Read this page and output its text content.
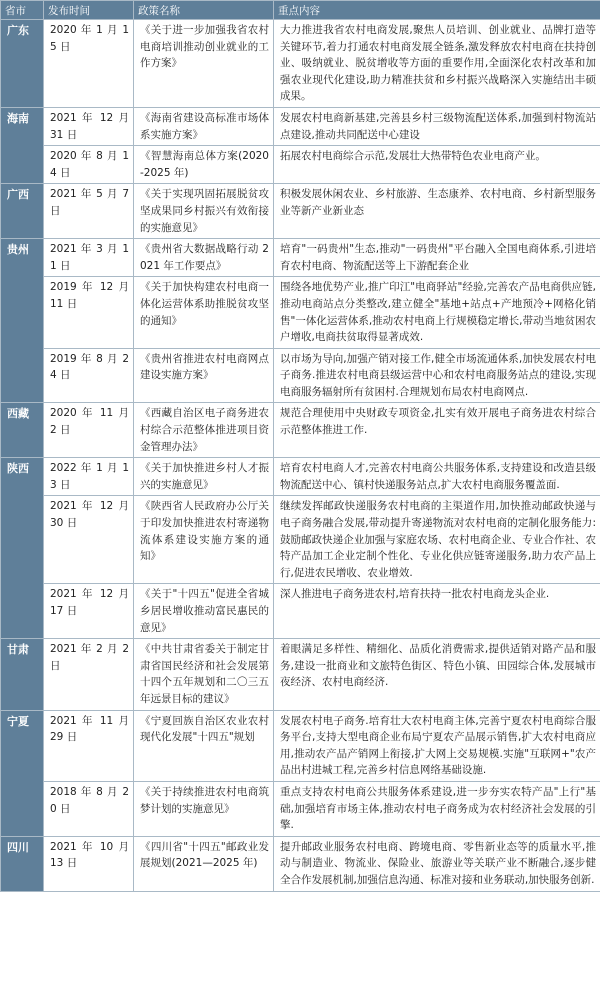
省市	发布时间	政策名称	重点内容
广东	2020 年 1 月 15 日	《关于进一步加强我省农村电商培训推动创业就业的工作方案》	大力推进我省农村电商发展,聚焦人员培训、创业就业、品牌打造等关键环节,着力打通农村电商发展全链条,激发释放农村电商在扶持创业、吸纳就业、脱贫增收等方面的重要作用,全面深化农村改革和加强农业现代化建设,助力精准扶贫和乡村振兴战略深入实施结出丰硕成果。
海南	2021 年 12 月 31 日	《海南省建设高标准市场体系实施方案》	发展农村电商新基建,完善县乡村三级物流配送体系,加强到村物流站点建设,推动共同配送中心建设
	2020 年 8 月 14 日	《智慧海南总体方案(2020-2025 年)	拓展农村电商综合示范,发展壮大热带特色农业电商产业。
广西	2021 年 5 月 7 日	《关于实现巩固拓展脱贫攻坚成果同乡村振兴有效衔接的实施意见》	积极发展休闲农业、乡村旅游、生态康养、农村电商、乡村新型服务业等新产业新业态
贵州	2021 年 3 月 11 日	《贵州省大数据战略行动 2021 年工作要点》	培育"一码贵州"生态,推动"一码贵州"平台融入全国电商体系,引进培育农村电商、物流配送等上下游配套企业
	2019 年 12 月 11 日	《关于加快构建农村电商一体化运营体系助推脱贫攻坚的通知》	围绕各地优势产业,推广印江"电商驿站"经验,完善农产品电商供应链,推动电商站点分类整改,建立健全"基地+站点+产地预冷+网格化销售"一体化运营体系,推动农村电商上行规模稳定增长,带动当地贫困农户增收,电商扶贫取得显著成效.
	2019 年 8 月 24 日	《贵州省推进农村电商网点建设实施方案》	以市场为导向,加强产销对接工作,健全市场流通体系,加快发展农村电子商务.推进农村电商县级运营中心和农村电商服务站点的建设,实现电商服务辐射所有贫困村.合理规划布局农村电商网点.
西藏	2020 年 11 月 2 日	《西藏自治区电子商务进农村综合示范整体推进项目资金管理办法》	规范合理使用中央财政专项资金,扎实有效开展电子商务进农村综合示范整体推进工作.
陕西	2022 年 1 月 13 日	《关于加快推进乡村人才振兴的实施意见》	培育农村电商人才,完善农村电商公共服务体系,支持建设和改造县级物流配送中心、镇村快递服务站点,扩大农村电商服务覆盖面.
	2021 年 12 月 30 日	《陕西省人民政府办公厅关于印发加快推进农村寄递物流体系建设实施方案的通知》	继续发挥邮政快递服务农村电商的主渠道作用,加快推动邮政快递与电子商务融合发展,带动提升寄递物流对农村电商的定制化服务能力:鼓励邮政快递企业加强与家庭农场、农村电商企业、专业合作社、农特产品加工企业定制个性化、专业化供应链寄递服务,助力农产品上行,促进农民增收、农业增效.
	2021 年 12 月 17 日	《关于"十四五"促进全省城乡居民增收推动富民惠民的意见》	深人推进电子商务进农村,培育扶持一批农村电商龙头企业.
甘肃	2021 年 2 月 2 日	《中共甘肃省委关于制定甘肃省国民经济和社会发展第十四个五年规划和二〇三五年远景目标的建议》	着眼满足多样性、精细化、品质化消费需求,提供适销对路产品和服务,建设一批商业和文旅特色街区、特色小镇、田园综合体,发展城市夜经济、农村电商经济.
宁夏	2021 年 11 月 29 日	《宁夏回族自治区农业农村现代化发展"十四五"规划	发展农村电子商务.培育壮大农村电商主体,完善宁夏农村电商综合服务平台,支持大型电商企业布局宁夏农产品展示销售,扩大农村电商应用,推动农产品产销网上衔接,扩大网上交易规模.实施"互联网+"农产品出村进城工程,完善乡村信息网络基础设施.
	2018 年 8 月 20 日	《关于持续推进农村电商筑梦计划的实施意见》	重点支持农村电商公共服务体系建设,进一步夯实农特产品"上行"基础,加强培育市场主体,推动农村电子商务成为农村经济社会发展的引擎.
四川	2021 年 10 月 13 日	《四川省"十四五"邮政业发展规划(2021—2025 年)	提升邮政业服务农村电商、跨境电商、零售新业态等的质量水平,推动与制造业、物流业、保险业、旅游业等关联产业不断融合,逐步健全合作发展机制,加强信息沟通、标准对接和业务联动,加快服务创新.
